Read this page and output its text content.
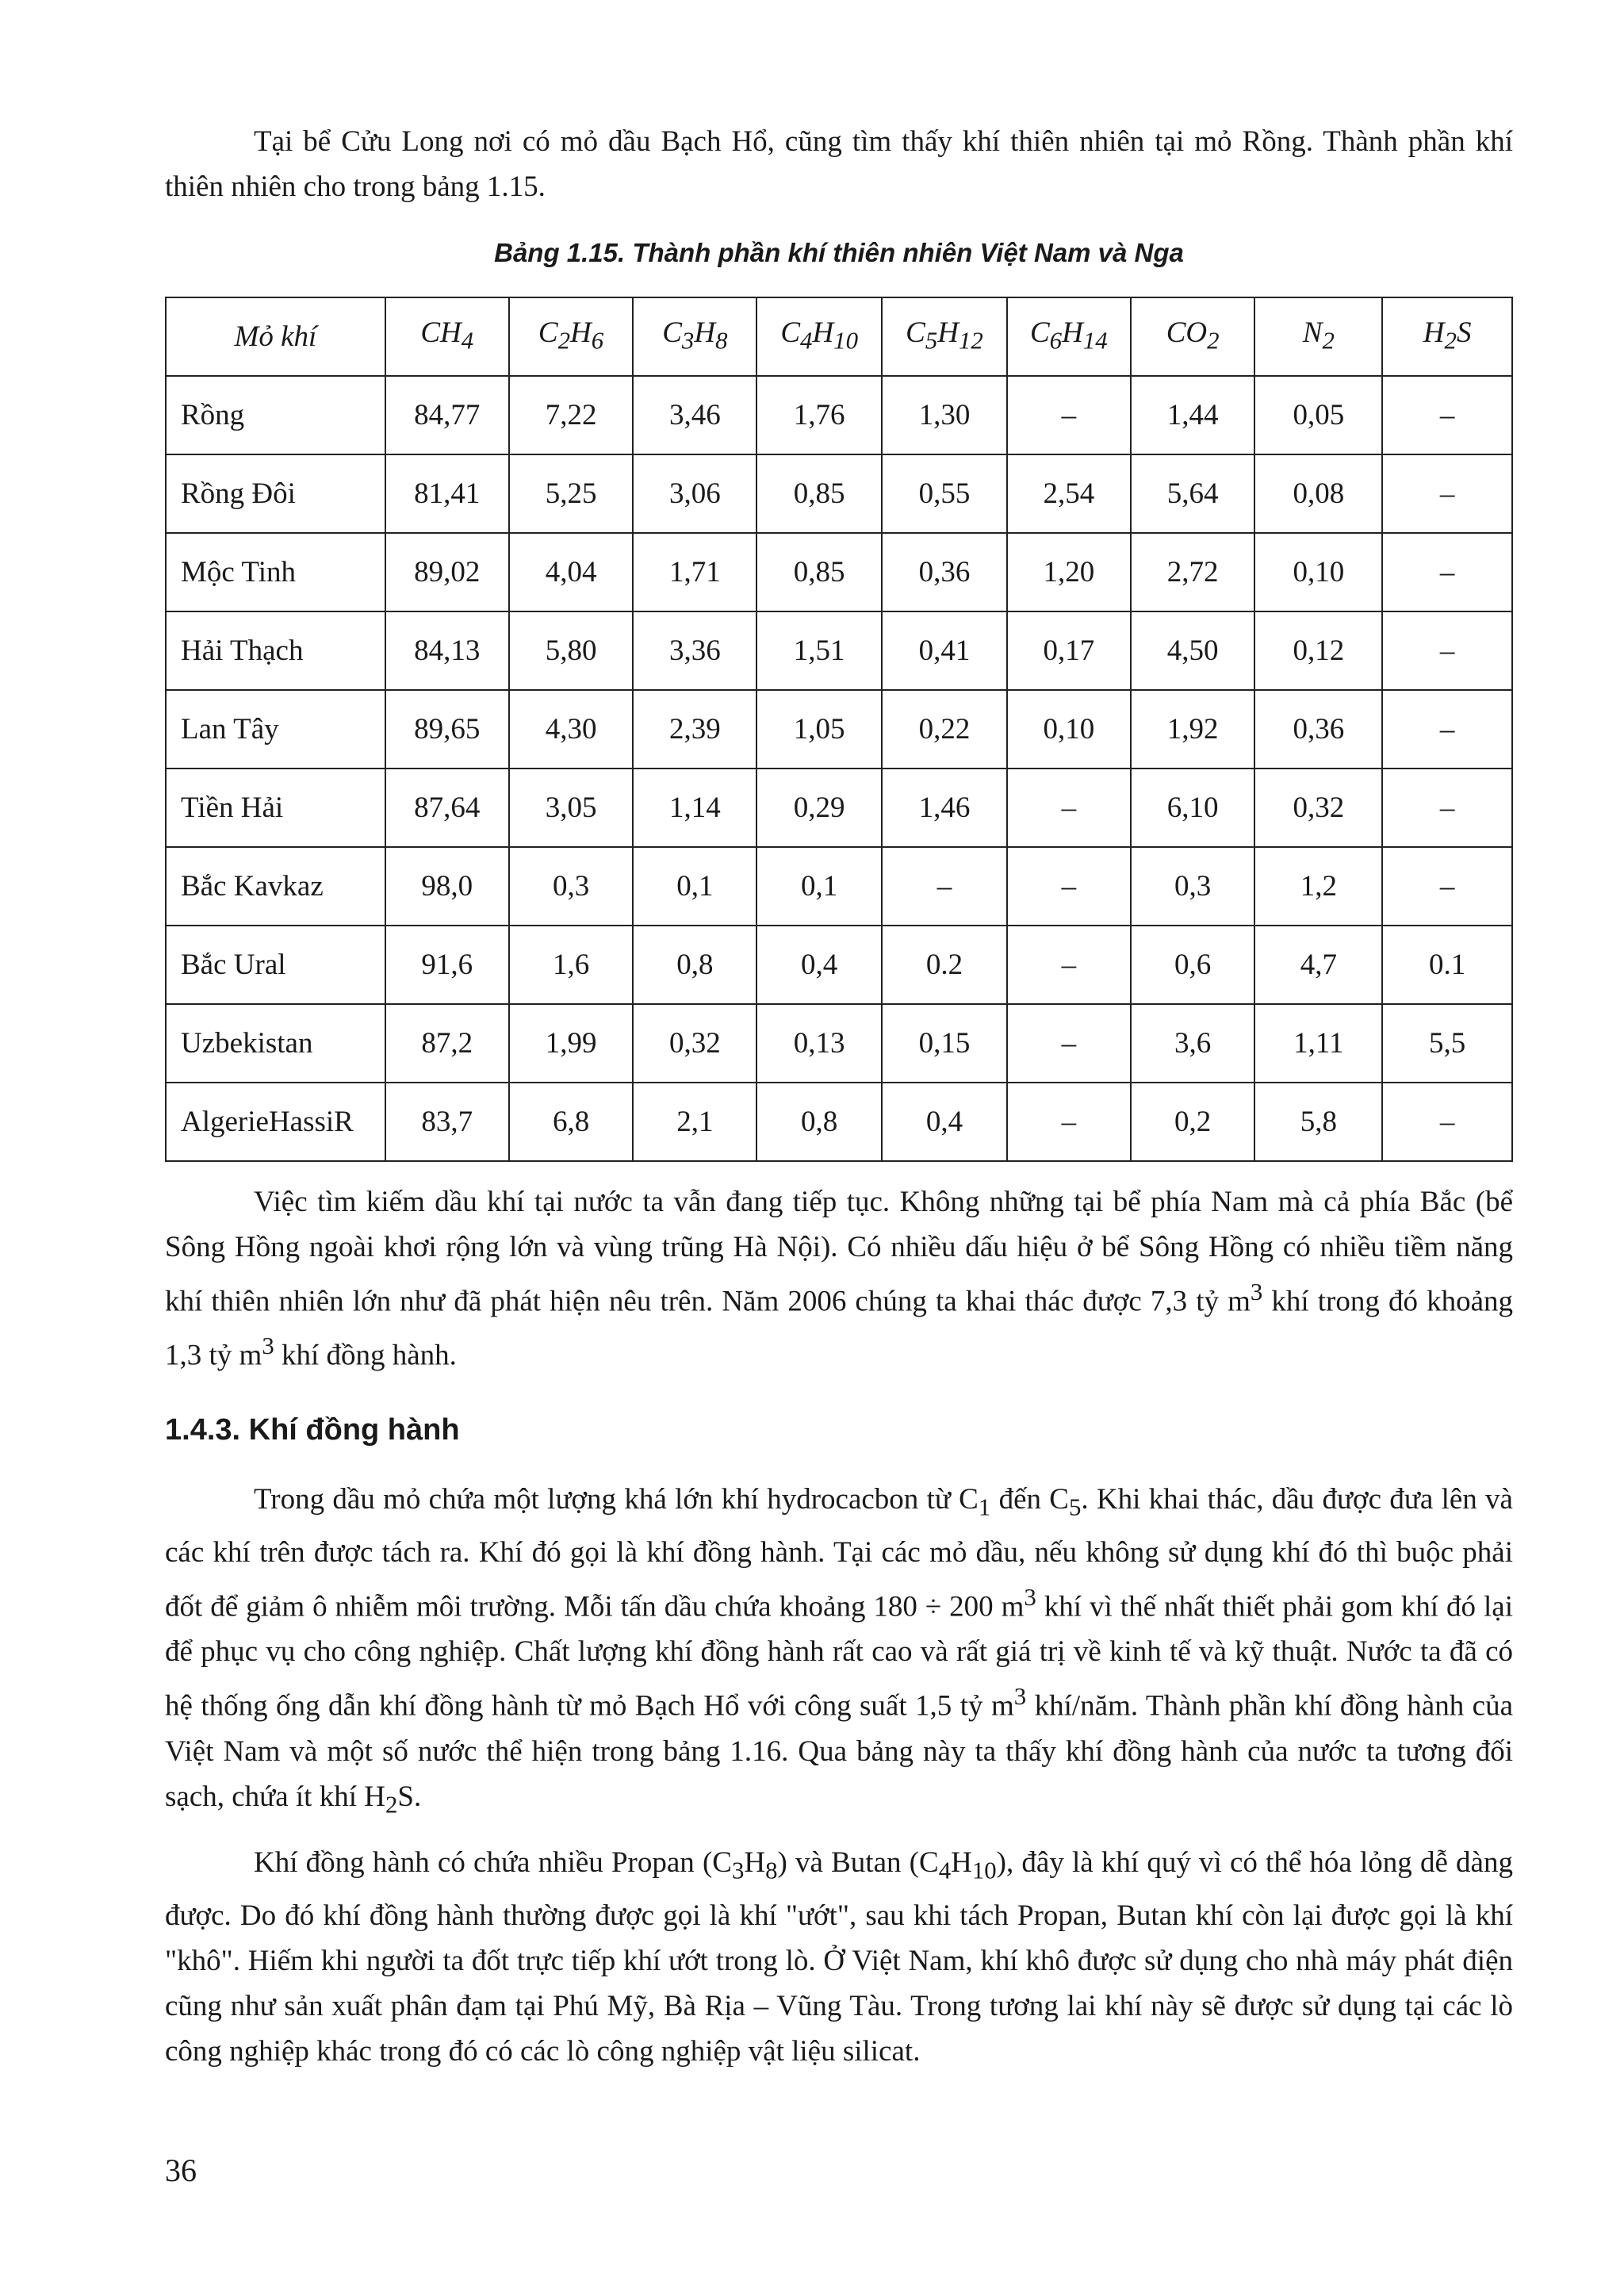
Tại bể Cửu Long nơi có mỏ dầu Bạch Hổ, cũng tìm thấy khí thiên nhiên tại mỏ Rồng. Thành phần khí thiên nhiên cho trong bảng 1.15.

Bảng 1.15. Thành phần khí thiên nhiên Việt Nam và Nga
Mỏ khí	$CH_4$	$C_2H_6$	$C_3H_8$	$C_4H_{10}$	$C_5H_{12}$	$C_6H_{14}$	$CO_2$	$N_2$	$H_2S$
Rồng	84,77	7,22	3,46	1,76	1,30	–	1,44	0,05	–
Rồng Đôi	81,41	5,25	3,06	0,85	0,55	2,54	5,64	0,08	–
Mộc Tinh	89,02	4,04	1,71	0,85	0,36	1,20	2,72	0,10	–
Hải Thạch	84,13	5,80	3,36	1,51	0,41	0,17	4,50	0,12	–
Lan Tây	89,65	4,30	2,39	1,05	0,22	0,10	1,92	0,36	–
Tiền Hải	87,64	3,05	1,14	0,29	1,46	–	6,10	0,32	–
Bắc Kavkaz	98,0	0,3	0,1	0,1	–	–	0,3	1,2	–
Bắc Ural	91,6	1,6	0,8	0,4	0.2	–	0,6	4,7	0.1
Uzbekistan	87,2	1,99	0,32	0,13	0,15	–	3,6	1,11	5,5
AlgerieHassiR	83,7	6,8	2,1	0,8	0,4	–	0,2	5,8	–

Việc tìm kiếm dầu khí tại nước ta vẫn đang tiếp tục. Không những tại bể phía Nam mà cả phía Bắc (bể Sông Hồng ngoài khơi rộng lớn và vùng trũng Hà Nội). Có nhiều dấu hiệu ở bể Sông Hồng có nhiều tiềm năng khí thiên nhiên lớn như đã phát hiện nêu trên. Năm 2006 chúng ta khai thác được 7,3 tỷ $m^3$ khí trong đó khoảng 1,3 tỷ $m^3$ khí đồng hành.

1.4.3. Khí đồng hành

Trong dầu mỏ chứa một lượng khá lớn khí hydrocacbon từ $C_1$ đến $C_5$. Khi khai thác, dầu được đưa lên và các khí trên được tách ra. Khí đó gọi là khí đồng hành. Tại các mỏ dầu, nếu không sử dụng khí đó thì buộc phải đốt để giảm ô nhiễm môi trường. Mỗi tấn dầu chứa khoảng 180 ÷ 200 $m^3$ khí vì thế nhất thiết phải gom khí đó lại để phục vụ cho công nghiệp. Chất lượng khí đồng hành rất cao và rất giá trị về kinh tế và kỹ thuật. Nước ta đã có hệ thống ống dẫn khí đồng hành từ mỏ Bạch Hổ với công suất 1,5 tỷ $m^3$ khí/năm. Thành phần khí đồng hành của Việt Nam và một số nước thể hiện trong bảng 1.16. Qua bảng này ta thấy khí đồng hành của nước ta tương đối sạch, chứa ít khí $H_2S$.

Khí đồng hành có chứa nhiều Propan $(C_3H_8)$ và Butan $(C_4H_{10})$, đây là khí quý vì có thể hóa lỏng dễ dàng được. Do đó khí đồng hành thường được gọi là khí "ướt", sau khi tách Propan, Butan khí còn lại được gọi là khí "khô". Hiếm khi người ta đốt trực tiếp khí ướt trong lò. Ở Việt Nam, khí khô được sử dụng cho nhà máy phát điện cũng như sản xuất phân đạm tại Phú Mỹ, Bà Rịa – Vũng Tàu. Trong tương lai khí này sẽ được sử dụng tại các lò công nghiệp khác trong đó có các lò công nghiệp vật liệu silicat.

36
